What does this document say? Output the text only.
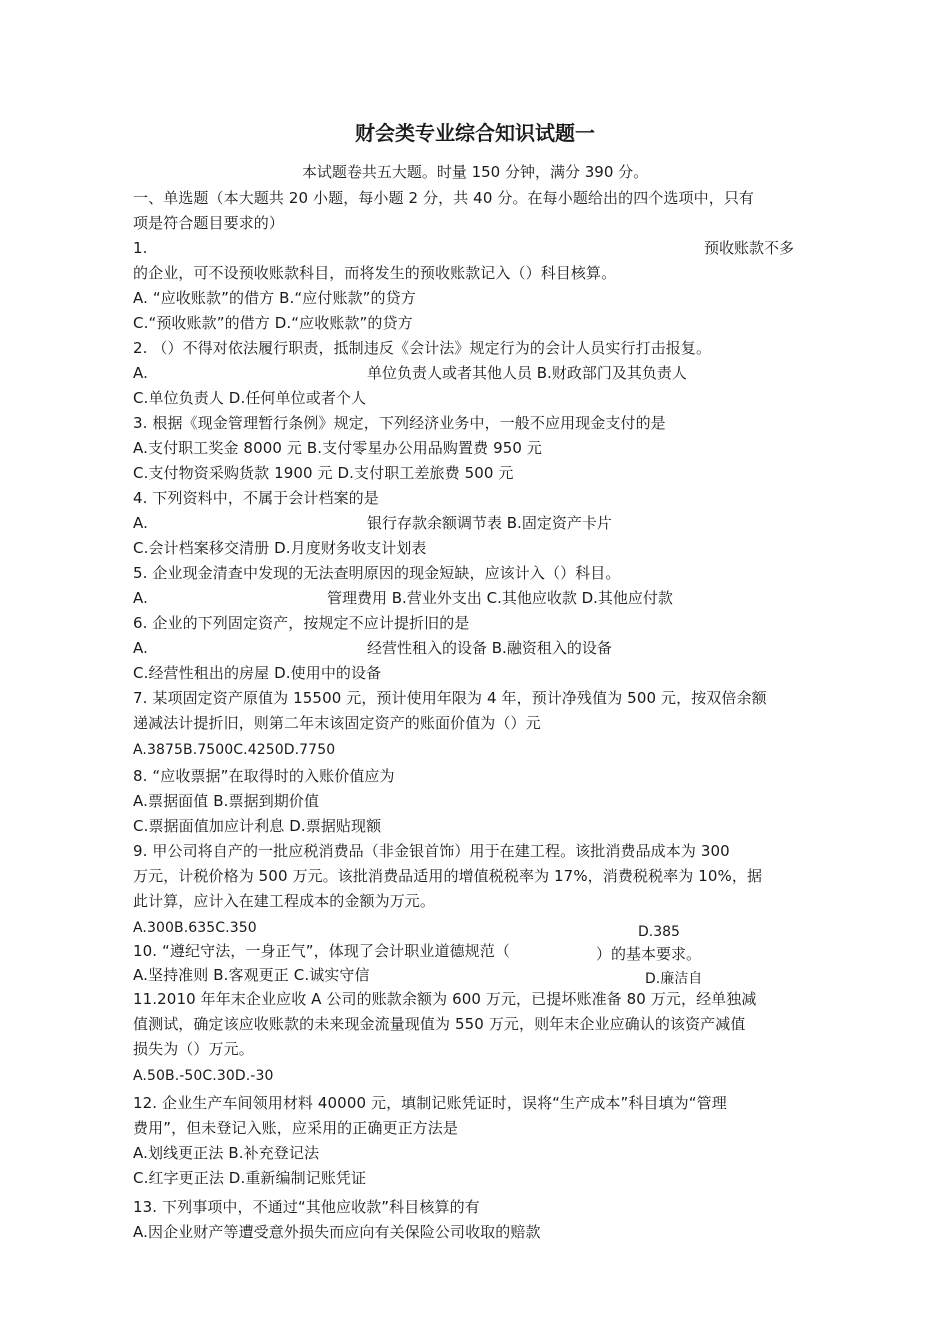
财会类专业综合知识试题一
本试题卷共五大题。时量 150 分钟，满分 390 分。
一、单选题（本大题共 20 小题，每小题 2 分，共 40 分。在每小题给出的四个选项中，只有
项是符合题目要求的）
1.	预收账款不多
的企业，可不设预收账款科目，而将发生的预收账款记入（）科目核算。
A. “应收账款”的借方 B.“应付账款”的贷方
C.“预收账款”的借方 D.“应收账款”的贷方
2. （）不得对依法履行职责，抵制违反《会计法》规定行为的会计人员实行打击报复。
A.	单位负责人或者其他人员 B.财政部门及其负责人
C.单位负责人 D.任何单位或者个人
3. 根据《现金管理暂行条例》规定，下列经济业务中，一般不应用现金支付的是
A.支付职工奖金 8000 元 B.支付零星办公用品购置费 950 元
C.支付物资采购货款 1900 元 D.支付职工差旅费 500 元
4. 下列资料中，不属于会计档案的是
A.	银行存款余额调节表 B.固定资产卡片
C.会计档案移交清册 D.月度财务收支计划表
5. 企业现金清查中发现的无法查明原因的现金短缺，应该计入（）科目。
A.	管理费用 B.营业外支出 C.其他应收款 D.其他应付款
6. 企业的下列固定资产，按规定不应计提折旧的是
A.	经营性租入的设备 B.融资租入的设备
C.经营性租出的房屋 D.使用中的设备
7. 某项固定资产原值为 15500 元，预计使用年限为 4 年，预计净残值为 500 元，按双倍余额
递减法计提折旧，则第二年末该固定资产的账面价值为（）元
A.3875B.7500C.4250D.7750
8. “应收票据”在取得时的入账价值应为
A.票据面值 B.票据到期价值
C.票据面值加应计利息 D.票据贴现额
9. 甲公司将自产的一批应税消费品（非金银首饰）用于在建工程。该批消费品成本为 300
万元，计税价格为 500 万元。该批消费品适用的增值税税率为 17%，消费税税率为 10%，据
此计算，应计入在建工程成本的金额为万元。
A.300B.635C.350	D.385
10. “遵纪守法，一身正气”，体现了会计职业道德规范（	）的基本要求。
A.坚持准则 B.客观更正 C.诚实守信	D.廉洁自
11.2010 年年末企业应收 A 公司的账款余额为 600 万元，已提坏账准备 80 万元，经单独减
值测试，确定该应收账款的未来现金流量现值为 550 万元，则年末企业应确认的该资产减值
损失为（）万元。
A.50B.-50C.30D.-30
12. 企业生产车间领用材料 40000 元，填制记账凭证时，误将“生产成本”科目填为“管理
费用”，但未登记入账，应采用的正确更正方法是
A.划线更正法 B.补充登记法
C.红字更正法 D.重新编制记账凭证
13. 下列事项中，不通过“其他应收款”科目核算的有
A.因企业财产等遭受意外损失而应向有关保险公司收取的赔款
